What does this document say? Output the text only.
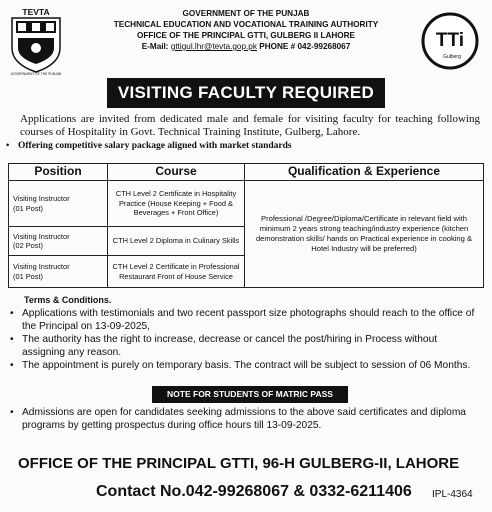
TEVTA
GOVERNMENT OF THE PUNJAB
GOVERNMENT OF THE PUNJAB
TECHNICAL EDUCATION AND VOCATIONAL TRAINING AUTHORITY
OFFICE OF THE PRINCIPAL GTTI, GULBERG II LAHORE
E-Mail: gttigul.lhr@tevta.gop.pk PHONE # 042-99268067	TTi
Gulberg
VISITING FACULTY REQUIRED
Applications are invited from dedicated male and female for visiting faculty for teaching following courses of Hospitality in Govt. Technical Training Institute, Gulberg, Lahore.
• Offering competitive salary package aligned with market standards
Position	Course	Qualification & Experience

Visiting Instructor
(01 Post)	CTH Level 2 Certificate in Hospitality Practice (House Keeping + Food & Beverages + Front Office)	Professional /Degree/Diploma/Certificate in relevant field with minimum 2 years strong teaching/industry experience (kitchen demonstration skills/ hands on Practical experience in cooking & Hotel Industry will be preferred)

Visiting Instructor
(02 Post)	CTH Level 2 Diploma in Culinary Skills	

Visiting Instructor
(01 Post)	CTH Level 2 Certificate in Professional Restaurant Front of House Service	
Terms & Conditions.
• Applications with testimonials and two recent passport size photographs should reach to the office of the Principal on 13-09-2025,
• The authority has the right to increase, decrease or cancel the post/hiring in Process without assigning any reason.
• The appointment is purely on temporary basis. The contract will be subject to session of 06 Months.
NOTE FOR STUDENTS OF MATRIC PASS
• Admissions are open for candidates seeking admissions to the above said certificates and diploma programs by getting prospectus during office hours till 13-09-2025.
OFFICE OF THE PRINCIPAL GTTI, 96-H GULBERG-II, LAHORE
Contact No.042-99268067 & 0332-6211406 IPL-4364
